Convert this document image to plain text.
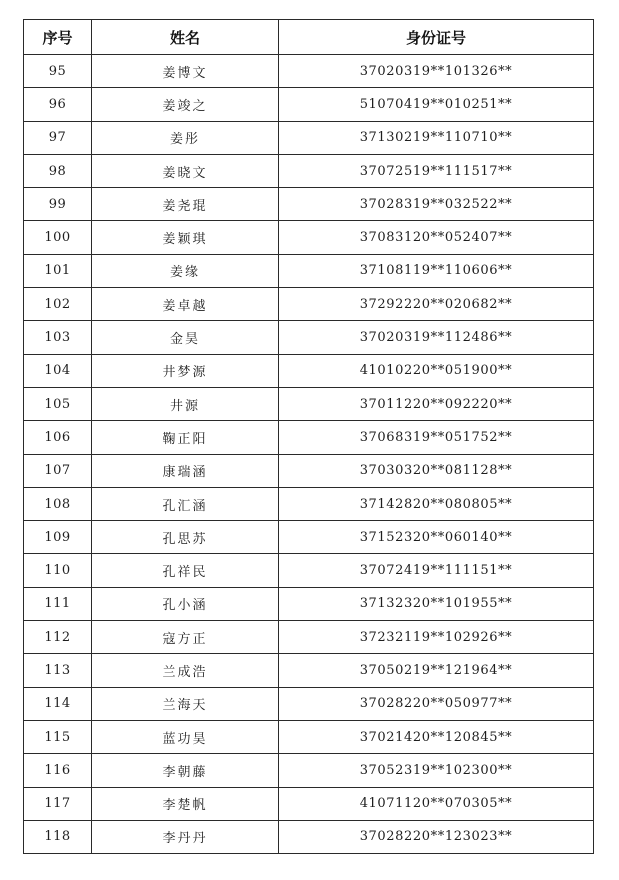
序号	姓名	身份证号
95	姜博文	37020319**101326**
96	姜竣之	51070419**010251**
97	姜彤	37130219**110710**
98	姜晓文	37072519**111517**
99	姜尧琨	37028319**032522**
100	姜颖琪	37083120**052407**
101	姜缘	37108119**110606**
102	姜卓越	37292220**020682**
103	金昊	37020319**112486**
104	井梦源	41010220**051900**
105	井源	37011220**092220**
106	鞠正阳	37068319**051752**
107	康瑞涵	37030320**081128**
108	孔汇涵	37142820**080805**
109	孔思苏	37152320**060140**
110	孔祥民	37072419**111151**
111	孔小涵	37132320**101955**
112	寇方正	37232119**102926**
113	兰成浩	37050219**121964**
114	兰海天	37028220**050977**
115	蓝功昊	37021420**120845**
116	李朝藤	37052319**102300**
117	李楚帆	41071120**070305**
118	李丹丹	37028220**123023**
